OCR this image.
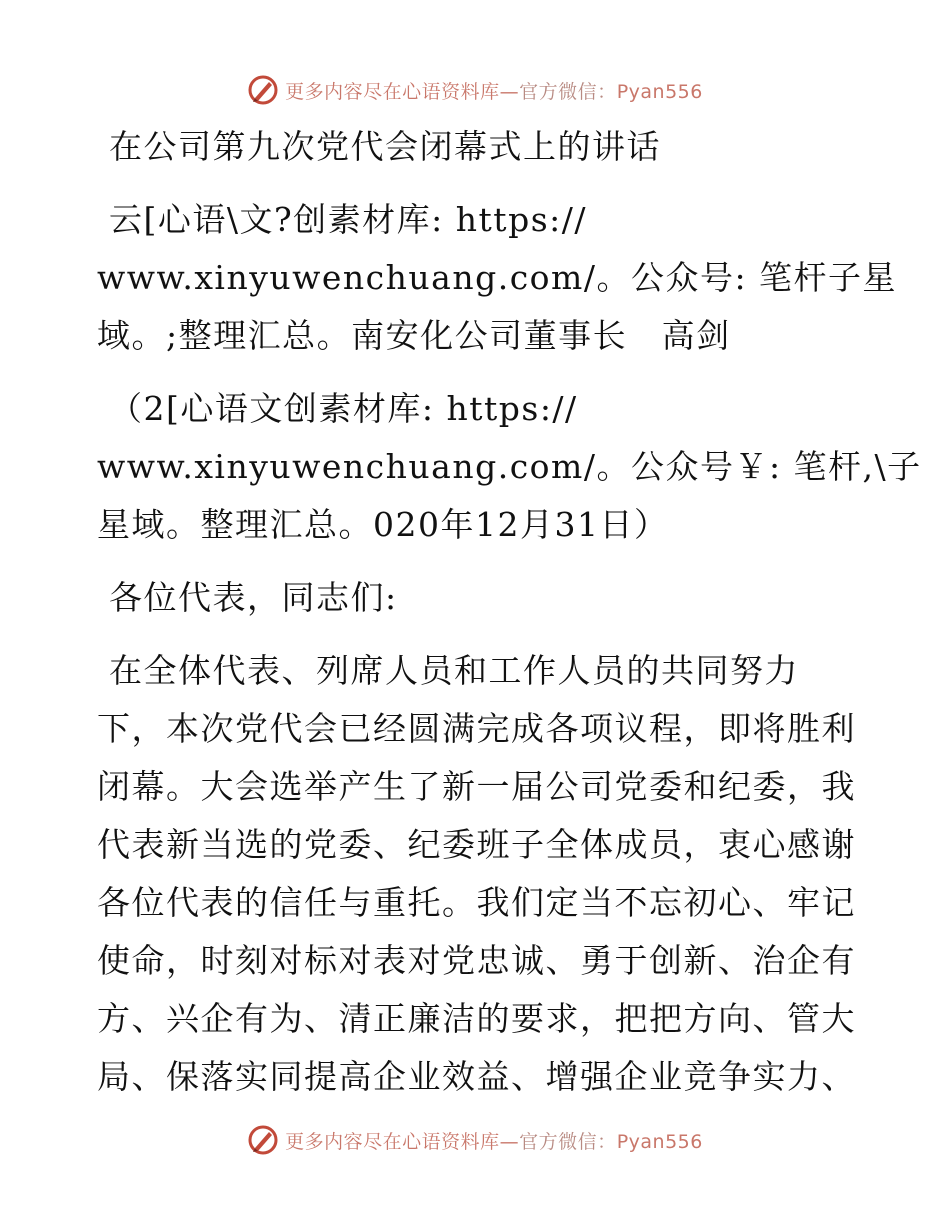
更多内容尽在心语资料库—官方微信：Pyan556
在公司第九次党代会闭幕式上的讲话
云[心语\文?创素材库: https://
www.xinyuwenchuang.com/。公众号: 笔杆子星
域。;整理汇总。南安化公司董事长　高剑
（2[心语文创素材库: https://
www.xinyuwenchuang.com/。公众号￥: 笔杆,\子
星域。整理汇总。020年12月31日）
各位代表，同志们:
在全体代表、列席人员和工作人员的共同努力
下，本次党代会已经圆满完成各项议程，即将胜利
闭幕。大会选举产生了新一届公司党委和纪委，我
代表新当选的党委、纪委班子全体成员，衷心感谢
各位代表的信任与重托。我们定当不忘初心、牢记
使命，时刻对标对表对党忠诚、勇于创新、治企有
方、兴企有为、清正廉洁的要求，把把方向、管大
局、保落实同提高企业效益、增强企业竞争实力、
更多内容尽在心语资料库—官方微信：Pyan556
